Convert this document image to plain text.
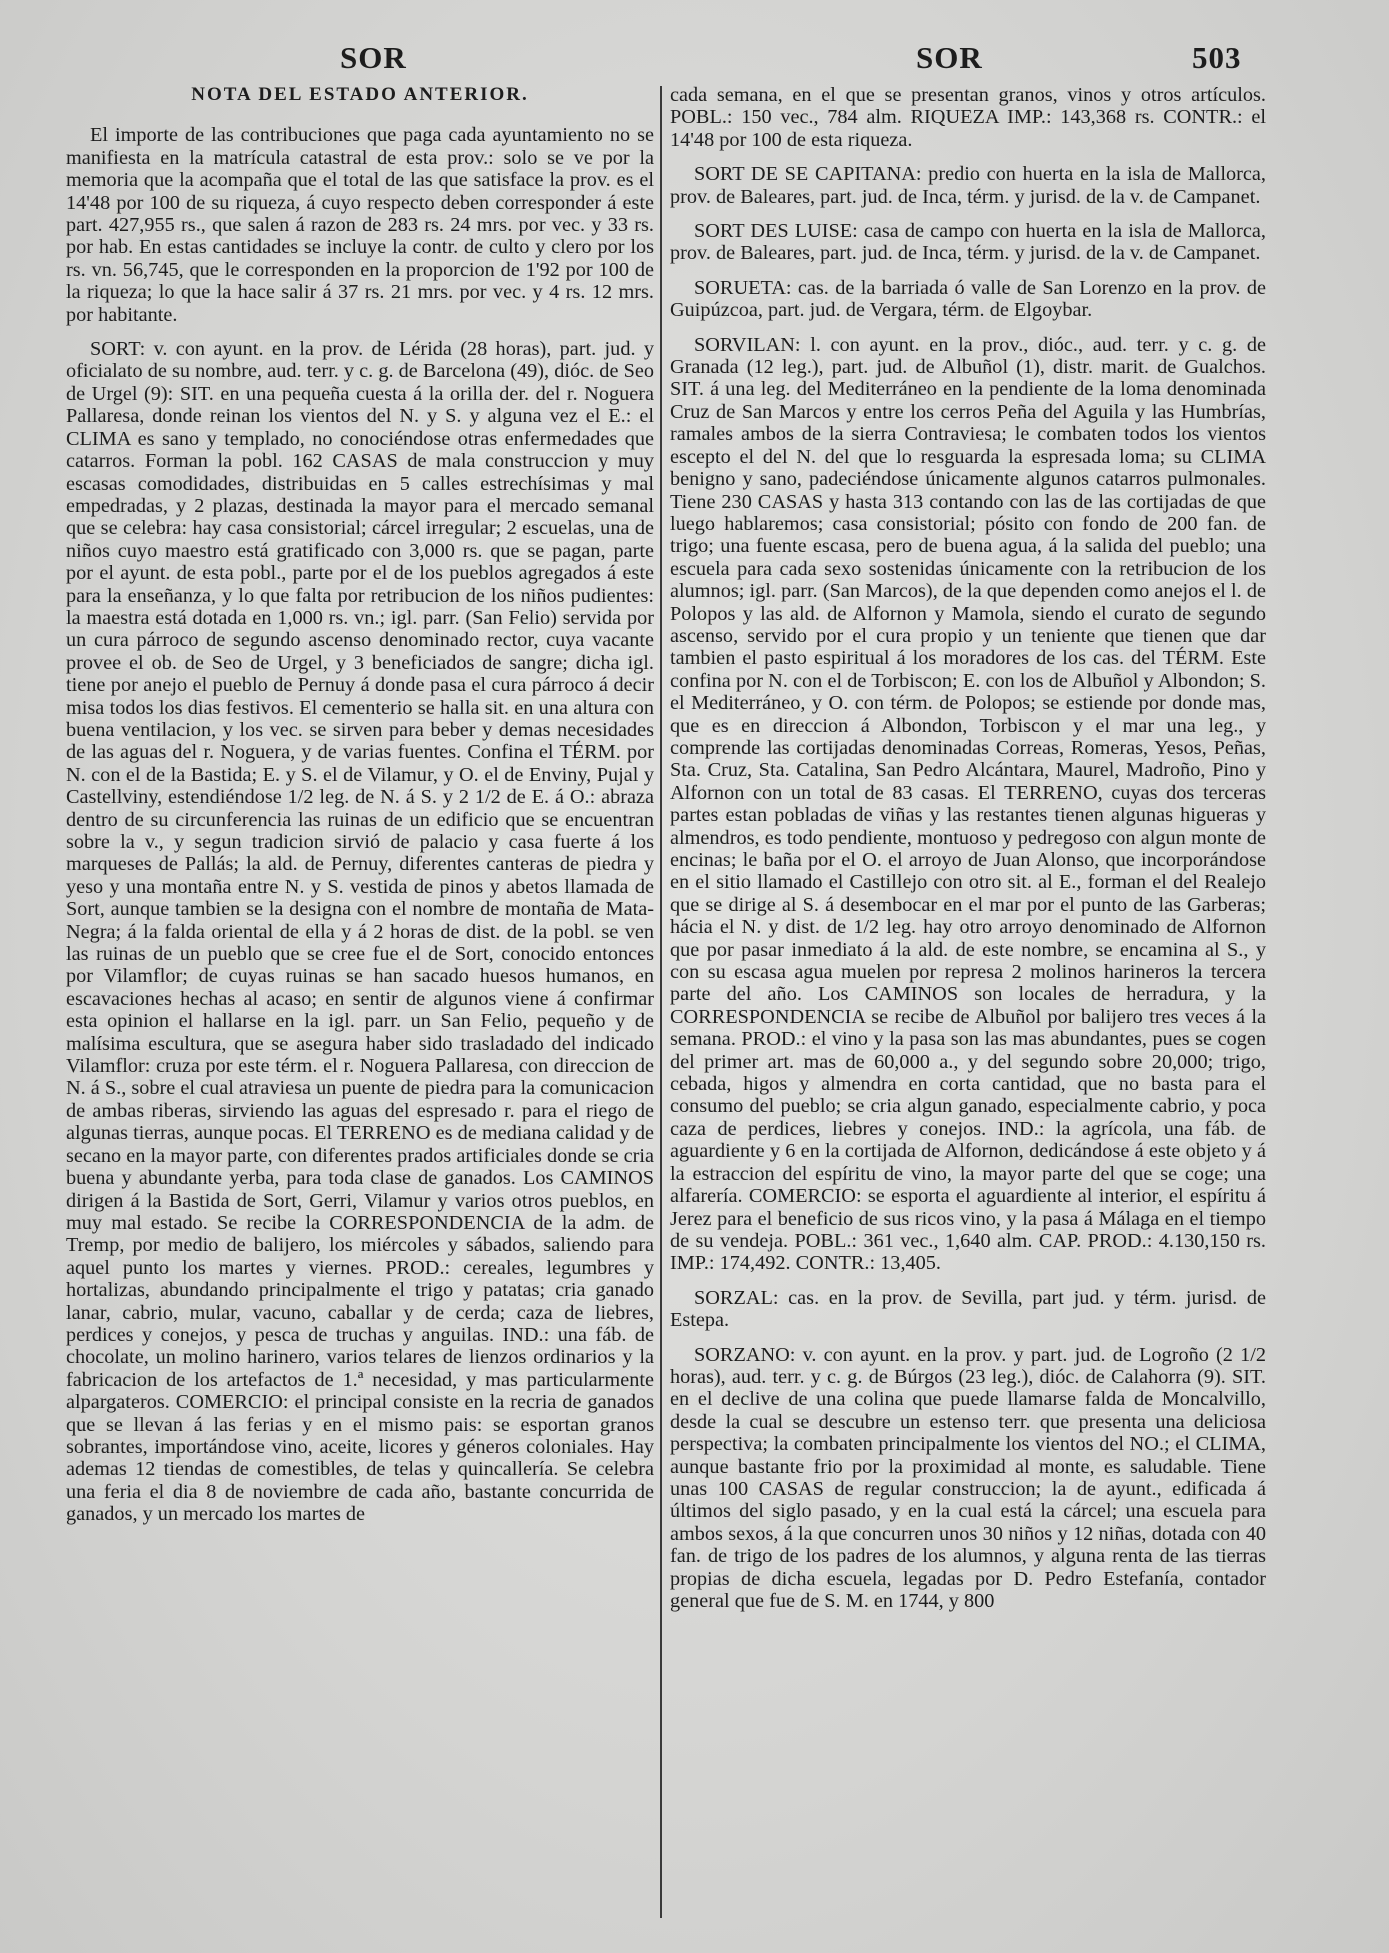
SOR	SOR	503
NOTA DEL ESTADO ANTERIOR.

El importe de las contribuciones que paga cada ayuntamiento no se manifiesta en la matrícula catastral de esta prov.: solo se ve por la memoria que la acompaña que el total de las que satisface la prov. es el 14'48 por 100 de su riqueza, á cuyo respecto deben corresponder á este part. 427,955 rs., que salen á razon de 283 rs. 24 mrs. por vec. y 33 rs. por hab. En estas cantidades se incluye la contr. de culto y clero por los rs. vn. 56,745, que le corresponden en la proporcion de 1'92 por 100 de la riqueza; lo que la hace salir á 37 rs. 21 mrs. por vec. y 4 rs. 12 mrs. por habitante.

SORT: v. con ayunt. en la prov. de Lérida (28 horas), part. jud. y oficialato de su nombre, aud. terr. y c. g. de Barcelona (49), dióc. de Seo de Urgel (9): SIT. en una pequeña cuesta á la orilla der. del r. Noguera Pallaresa, donde reinan los vientos del N. y S. y alguna vez el E.: el CLIMA es sano y templado, no conociéndose otras enfermedades que catarros. Forman la pobl. 162 CASAS de mala construccion y muy escasas comodidades, distribuidas en 5 calles estrechísimas y mal empedradas, y 2 plazas, destinada la mayor para el mercado semanal que se celebra: hay casa consistorial; cárcel irregular; 2 escuelas, una de niños cuyo maestro está gratificado con 3,000 rs. que se pagan, parte por el ayunt. de esta pobl., parte por el de los pueblos agregados á este para la enseñanza, y lo que falta por retribucion de los niños pudientes: la maestra está dotada en 1,000 rs. vn.; igl. parr. (San Felio) servida por un cura párroco de segundo ascenso denominado rector, cuya vacante provee el ob. de Seo de Urgel, y 3 beneficiados de sangre; dicha igl. tiene por anejo el pueblo de Pernuy á donde pasa el cura párroco á decir misa todos los dias festivos. El cementerio se halla sit. en una altura con buena ventilacion, y los vec. se sirven para beber y demas necesidades de las aguas del r. Noguera, y de varias fuentes. Confina el TÉRM. por N. con el de la Bastida; E. y S. el de Vilamur, y O. el de Enviny, Pujal y Castellviny, estendiéndose 1/2 leg. de N. á S. y 2 1/2 de E. á O.: abraza dentro de su circunferencia las ruinas de un edificio que se encuentran sobre la v., y segun tradicion sirvió de palacio y casa fuerte á los marqueses de Pallás; la ald. de Pernuy, diferentes canteras de piedra y yeso y una montaña entre N. y S. vestida de pinos y abetos llamada de Sort, aunque tambien se la designa con el nombre de montaña de Mata-Negra; á la falda oriental de ella y á 2 horas de dist. de la pobl. se ven las ruinas de un pueblo que se cree fue el de Sort, conocido entonces por Vilamflor; de cuyas ruinas se han sacado huesos humanos, en escavaciones hechas al acaso; en sentir de algunos viene á confirmar esta opinion el hallarse en la igl. parr. un San Felio, pequeño y de malísima escultura, que se asegura haber sido trasladado del indicado Vilamflor: cruza por este térm. el r. Noguera Pallaresa, con direccion de N. á S., sobre el cual atraviesa un puente de piedra para la comunicacion de ambas riberas, sirviendo las aguas del espresado r. para el riego de algunas tierras, aunque pocas. El TERRENO es de mediana calidad y de secano en la mayor parte, con diferentes prados artificiales donde se cria buena y abundante yerba, para toda clase de ganados. Los CAMINOS dirigen á la Bastida de Sort, Gerri, Vilamur y varios otros pueblos, en muy mal estado. Se recibe la CORRESPONDENCIA de la adm. de Tremp, por medio de balijero, los miércoles y sábados, saliendo para aquel punto los martes y viernes. PROD.: cereales, legumbres y hortalizas, abundando principalmente el trigo y patatas; cria ganado lanar, cabrio, mular, vacuno, caballar y de cerda; caza de liebres, perdices y conejos, y pesca de truchas y anguilas. IND.: una fáb. de chocolate, un molino harinero, varios telares de lienzos ordinarios y la fabricacion de los artefactos de 1.ª necesidad, y mas particularmente alpargateros. COMERCIO: el principal consiste en la recria de ganados que se llevan á las ferias y en el mismo pais: se esportan granos sobrantes, importándose vino, aceite, licores y géneros coloniales. Hay ademas 12 tiendas de comestibles, de telas y quincallería. Se celebra una feria el dia 8 de noviembre de cada año, bastante concurrida de ganados, y un mercado los martes de

cada semana, en el que se presentan granos, vinos y otros artículos. POBL.: 150 vec., 784 alm. RIQUEZA IMP.: 143,368 rs. CONTR.: el 14'48 por 100 de esta riqueza.

SORT DE SE CAPITANA: predio con huerta en la isla de Mallorca, prov. de Baleares, part. jud. de Inca, térm. y jurisd. de la v. de Campanet.

SORT DES LUISE: casa de campo con huerta en la isla de Mallorca, prov. de Baleares, part. jud. de Inca, térm. y jurisd. de la v. de Campanet.

SORUETA: cas. de la barriada ó valle de San Lorenzo en la prov. de Guipúzcoa, part. jud. de Vergara, térm. de Elgoybar.

SORVILAN: l. con ayunt. en la prov., dióc., aud. terr. y c. g. de Granada (12 leg.), part. jud. de Albuñol (1), distr. marit. de Gualchos. SIT. á una leg. del Mediterráneo en la pendiente de la loma denominada Cruz de San Marcos y entre los cerros Peña del Aguila y las Humbrías, ramales ambos de la sierra Contraviesa; le combaten todos los vientos escepto el del N. del que lo resguarda la espresada loma; su CLIMA benigno y sano, padeciéndose únicamente algunos catarros pulmonales. Tiene 230 CASAS y hasta 313 contando con las de las cortijadas de que luego hablaremos; casa consistorial; pósito con fondo de 200 fan. de trigo; una fuente escasa, pero de buena agua, á la salida del pueblo; una escuela para cada sexo sostenidas únicamente con la retribucion de los alumnos; igl. parr. (San Marcos), de la que dependen como anejos el l. de Polopos y las ald. de Alfornon y Mamola, siendo el curato de segundo ascenso, servido por el cura propio y un teniente que tienen que dar tambien el pasto espiritual á los moradores de los cas. del TÉRM. Este confina por N. con el de Torbiscon; E. con los de Albuñol y Albondon; S. el Mediterráneo, y O. con térm. de Polopos; se estiende por donde mas, que es en direccion á Albondon, Torbiscon y el mar una leg., y comprende las cortijadas denominadas Correas, Romeras, Yesos, Peñas, Sta. Cruz, Sta. Catalina, San Pedro Alcántara, Maurel, Madroño, Pino y Alfornon con un total de 83 casas. El TERRENO, cuyas dos terceras partes estan pobladas de viñas y las restantes tienen algunas higueras y almendros, es todo pendiente, montuoso y pedregoso con algun monte de encinas; le baña por el O. el arroyo de Juan Alonso, que incorporándose en el sitio llamado el Castillejo con otro sit. al E., forman el del Realejo que se dirige al S. á desembocar en el mar por el punto de las Garberas; hácia el N. y dist. de 1/2 leg. hay otro arroyo denominado de Alfornon que por pasar inmediato á la ald. de este nombre, se encamina al S., y con su escasa agua muelen por represa 2 molinos harineros la tercera parte del año. Los CAMINOS son locales de herradura, y la CORRESPONDENCIA se recibe de Albuñol por balijero tres veces á la semana. PROD.: el vino y la pasa son las mas abundantes, pues se cogen del primer art. mas de 60,000 a., y del segundo sobre 20,000; trigo, cebada, higos y almendra en corta cantidad, que no basta para el consumo del pueblo; se cria algun ganado, especialmente cabrio, y poca caza de perdices, liebres y conejos. IND.: la agrícola, una fáb. de aguardiente y 6 en la cortijada de Alfornon, dedicándose á este objeto y á la estraccion del espíritu de vino, la mayor parte del que se coge; una alfarería. COMERCIO: se esporta el aguardiente al interior, el espíritu á Jerez para el beneficio de sus ricos vino, y la pasa á Málaga en el tiempo de su vendeja. POBL.: 361 vec., 1,640 alm. CAP. PROD.: 4.130,150 rs. IMP.: 174,492. CONTR.: 13,405.

SORZAL: cas. en la prov. de Sevilla, part jud. y térm. jurisd. de Estepa.

SORZANO: v. con ayunt. en la prov. y part. jud. de Logroño (2 1/2 horas), aud. terr. y c. g. de Búrgos (23 leg.), dióc. de Calahorra (9). SIT. en el declive de una colina que puede llamarse falda de Moncalvillo, desde la cual se descubre un estenso terr. que presenta una deliciosa perspectiva; la combaten principalmente los vientos del NO.; el CLIMA, aunque bastante frio por la proximidad al monte, es saludable. Tiene unas 100 CASAS de regular construccion; la de ayunt., edificada á últimos del siglo pasado, y en la cual está la cárcel; una escuela para ambos sexos, á la que concurren unos 30 niños y 12 niñas, dotada con 40 fan. de trigo de los padres de los alumnos, y alguna renta de las tierras propias de dicha escuela, legadas por D. Pedro Estefanía, contador general que fue de S. M. en 1744, y 800
